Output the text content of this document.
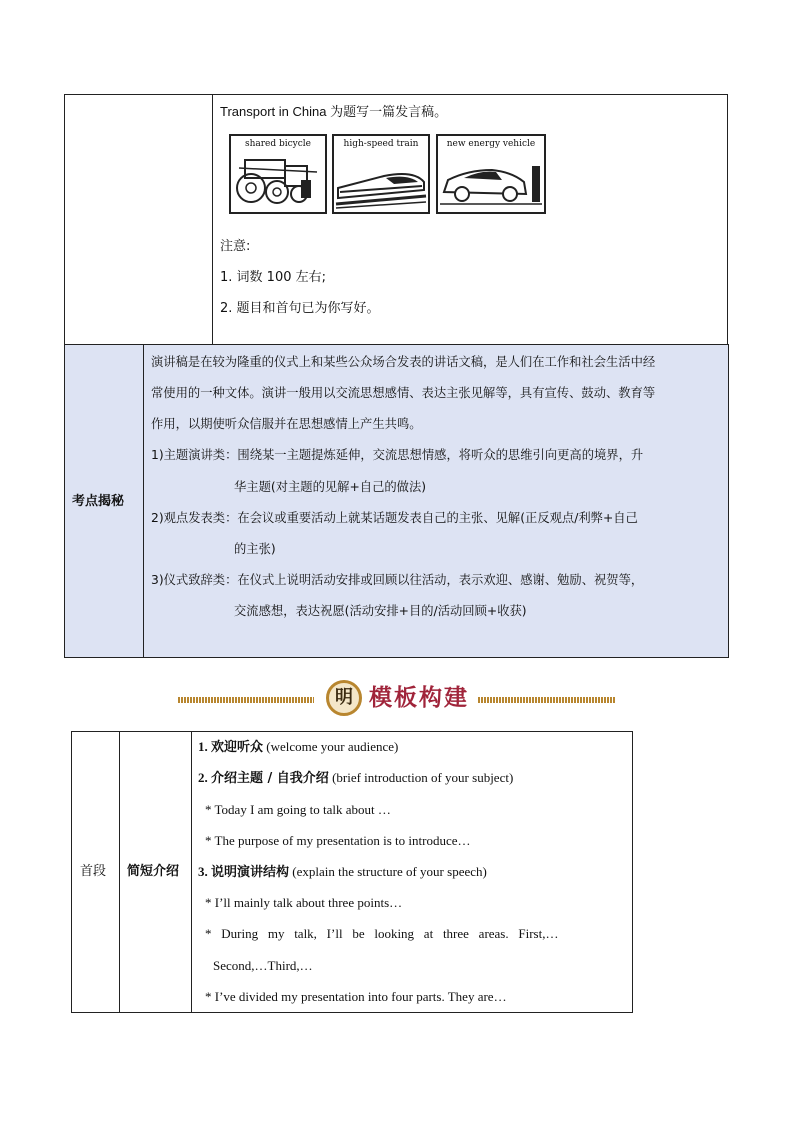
Transport in China 为题写一篇发言稿。
shared bicycle	high-speed train	new energy vehicle
注意:
1. 词数 100 左右;
2. 题目和首句已为你写好。
考点揭秘
演讲稿是在较为隆重的仪式上和某些公众场合发表的讲话文稿，是人们在工作和社会生活中经
常使用的一种文体。演讲一般用以交流思想感情、表达主张见解等，具有宣传、鼓动、教育等
作用，以期使听众信服并在思想感情上产生共鸣。
1)主题演讲类：围绕某一主题提炼延伸，交流思想情感，将听众的思维引向更高的境界，升
华主题(对主题的见解+自己的做法)
2)观点发表类：在会议或重要活动上就某话题发表自己的主张、见解(正反观点/利弊+自己
的主张)
3)仪式致辞类：在仪式上说明活动安排或回顾以往活动，表示欢迎、感谢、勉励、祝贺等，
交流感想，表达祝愿(活动安排+目的/活动回顾+收获)
明 模板构建
首段 简短介绍
1. 欢迎听众 (welcome your audience)
2. 介绍主题 / 自我介绍 (brief introduction of your subject)
* Today I am going to talk about …
* The purpose of my presentation is to introduce…
3. 说明演讲结构 (explain the structure of your speech)
* I’ll mainly talk about three points…
*   During   my   talk,   I’ll   be   looking   at   three   areas.   First,…
Second,…Third,…
* I’ve divided my presentation into four parts. They are…
